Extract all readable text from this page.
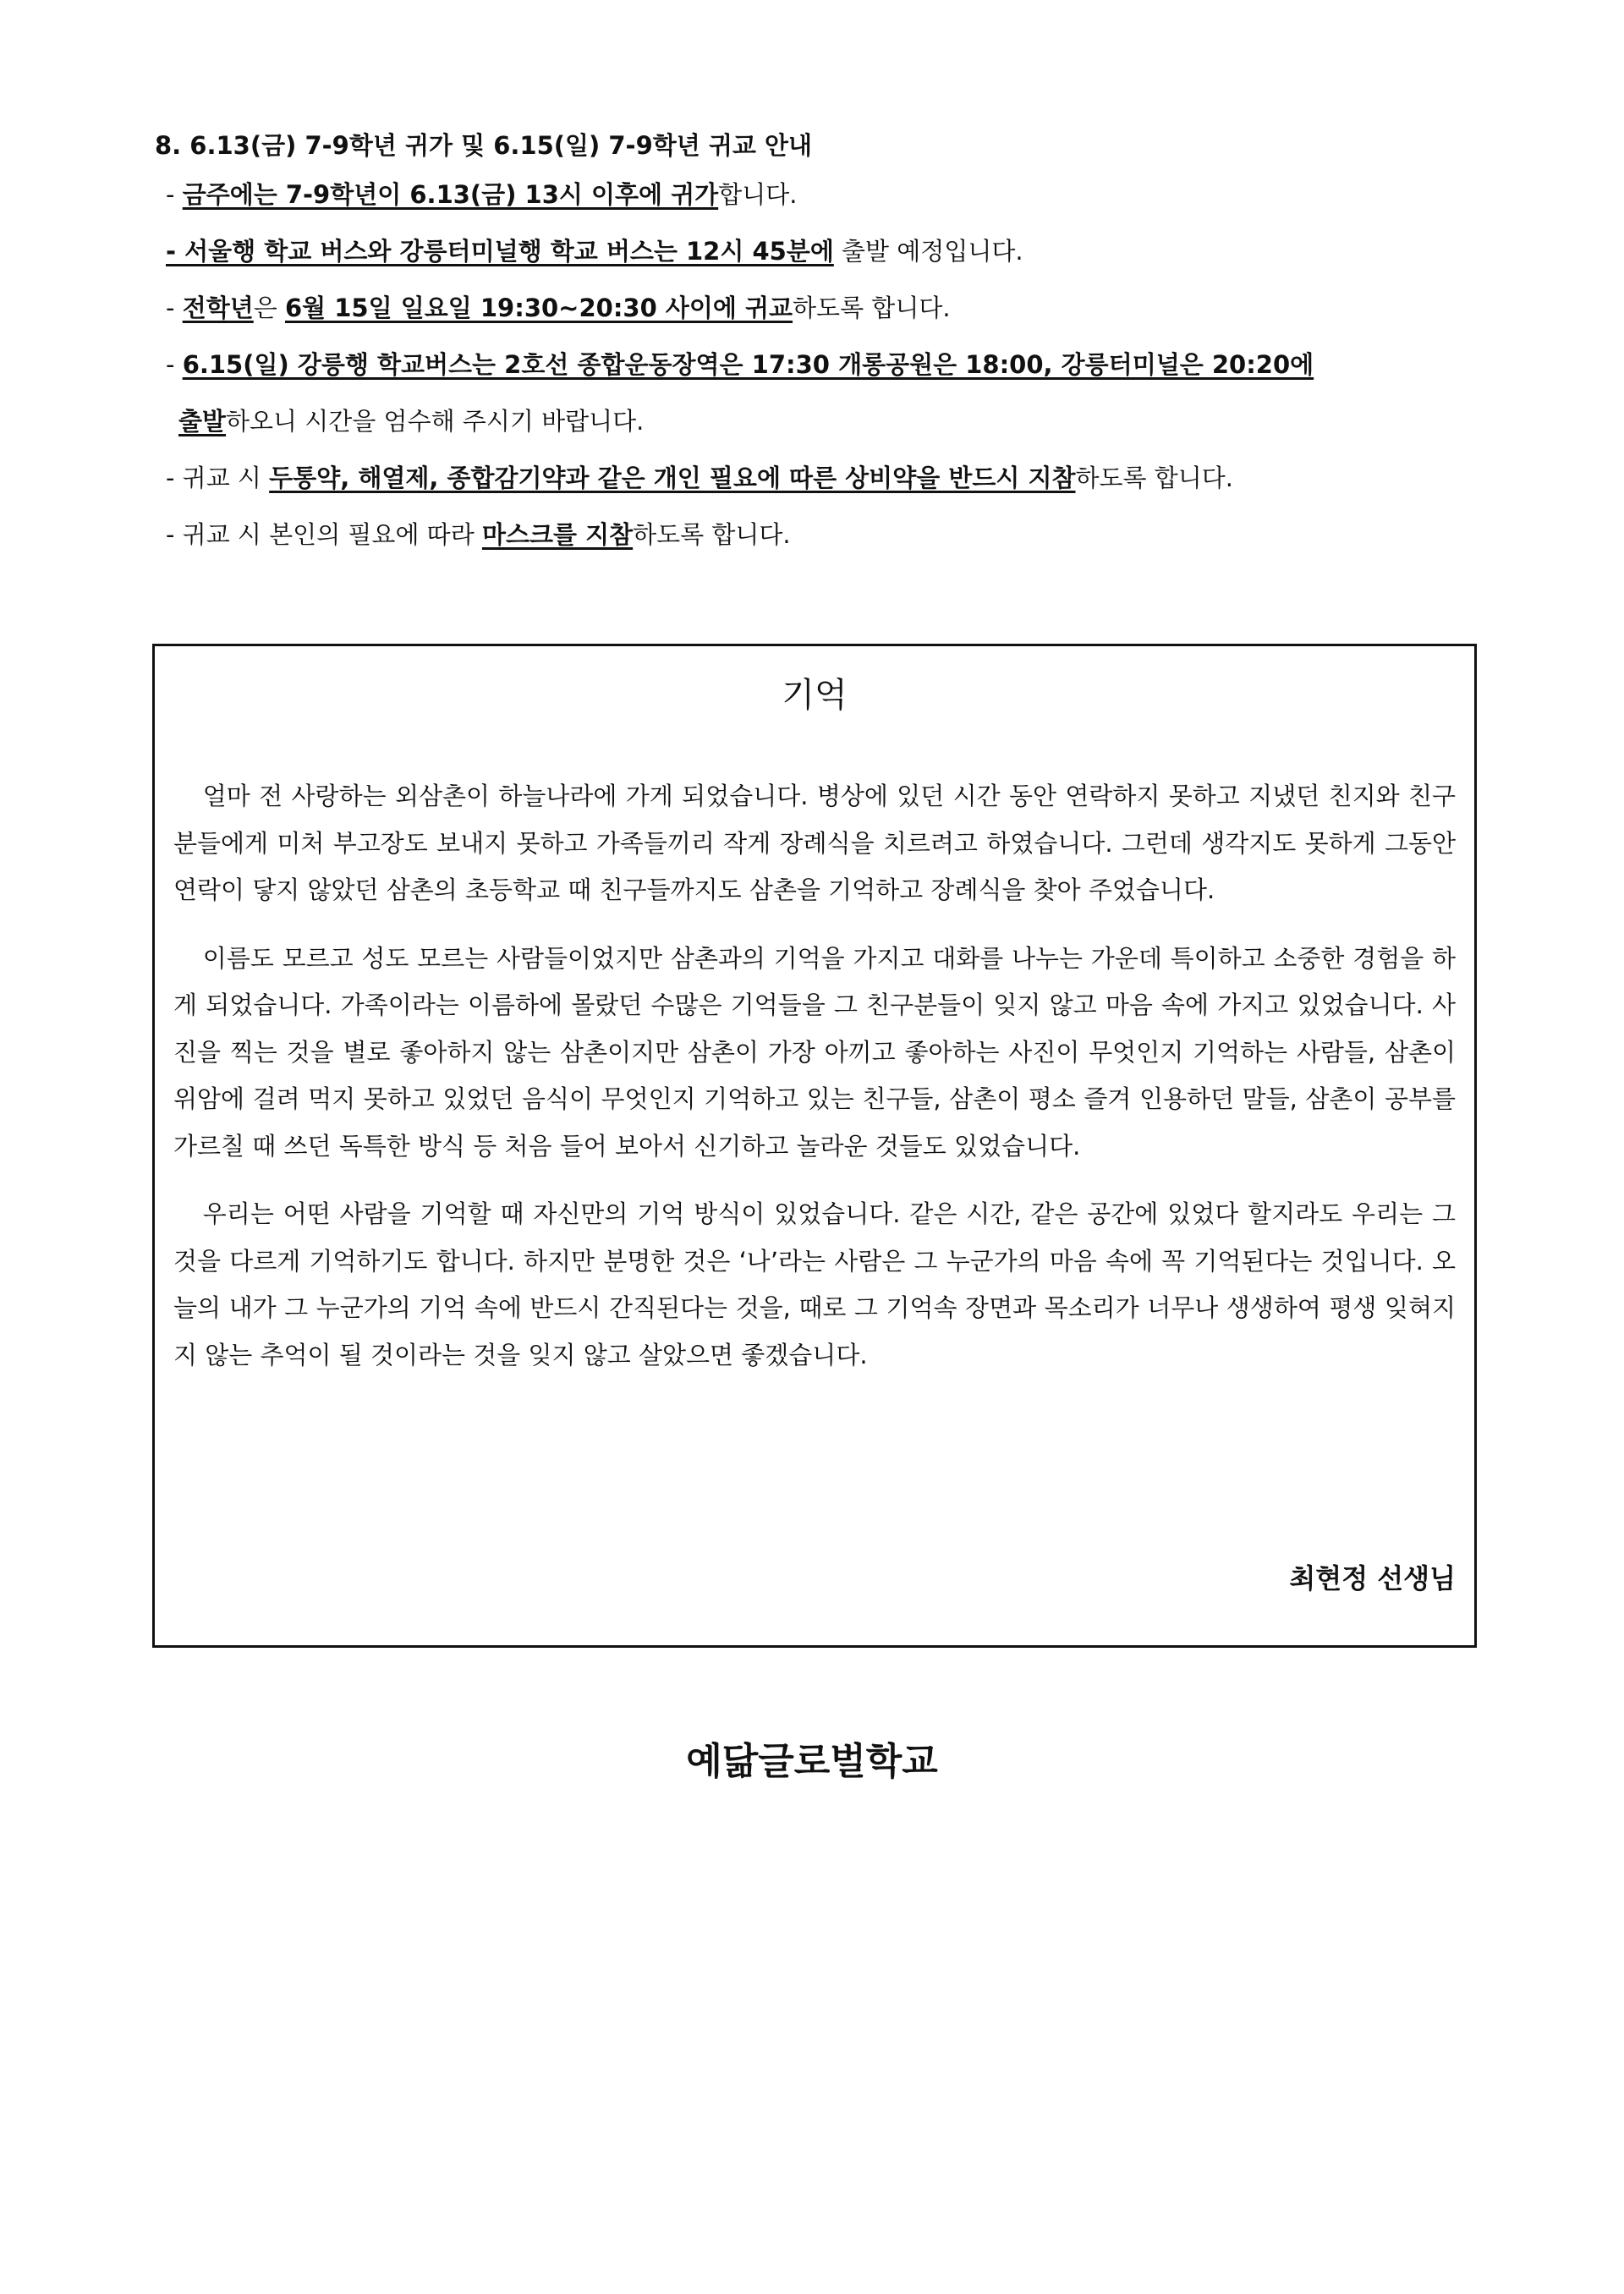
8. 6.13(금) 7-9학년 귀가 및 6.15(일) 7-9학년 귀교 안내
- 금주에는 7-9학년이 6.13(금) 13시 이후에 귀가합니다.
- 서울행 학교 버스와 강릉터미널행 학교 버스는 12시 45분에 출발 예정입니다.
- 전학년은 6월 15일 일요일 19:30~20:30 사이에 귀교하도록 합니다.
- 6.15(일) 강릉행 학교버스는 2호선 종합운동장역은 17:30 개롱공원은 18:00, 강릉터미널은 20:20에
출발하오니 시간을 엄수해 주시기 바랍니다.
- 귀교 시 두통약, 해열제, 종합감기약과 같은 개인 필요에 따른 상비약을 반드시 지참하도록 합니다.
- 귀교 시 본인의 필요에 따라 마스크를 지참하도록 합니다.
기억

얼마 전 사랑하는 외삼촌이 하늘나라에 가게 되었습니다. 병상에 있던 시간 동안 연락하지 못하고 지냈던 친지와 친구분들에게 미처 부고장도 보내지 못하고 가족들끼리 작게 장례식을 치르려고 하였습니다. 그런데 생각지도 못하게 그동안 연락이 닿지 않았던 삼촌의 초등학교 때 친구들까지도 삼촌을 기억하고 장례식을 찾아 주었습니다.

이름도 모르고 성도 모르는 사람들이었지만 삼촌과의 기억을 가지고 대화를 나누는 가운데 특이하고 소중한 경험을 하게 되었습니다. 가족이라는 이름하에 몰랐던 수많은 기억들을 그 친구분들이 잊지 않고 마음 속에 가지고 있었습니다. 사진을 찍는 것을 별로 좋아하지 않는 삼촌이지만 삼촌이 가장 아끼고 좋아하는 사진이 무엇인지 기억하는 사람들, 삼촌이 위암에 걸려 먹지 못하고 있었던 음식이 무엇인지 기억하고 있는 친구들, 삼촌이 평소 즐겨 인용하던 말들, 삼촌이 공부를 가르칠 때 쓰던 독특한 방식 등 처음 들어 보아서 신기하고 놀라운 것들도 있었습니다.

우리는 어떤 사람을 기억할 때 자신만의 기억 방식이 있었습니다. 같은 시간, 같은 공간에 있었다 할지라도 우리는 그것을 다르게 기억하기도 합니다. 하지만 분명한 것은 ‘나’라는 사람은 그 누군가의 마음 속에 꼭 기억된다는 것입니다. 오늘의 내가 그 누군가의 기억 속에 반드시 간직된다는 것을, 때로 그 기억속 장면과 목소리가 너무나 생생하여 평생 잊혀지지 않는 추억이 될 것이라는 것을 잊지 않고 살았으면 좋겠습니다.

최현정 선생님
예닮글로벌학교
